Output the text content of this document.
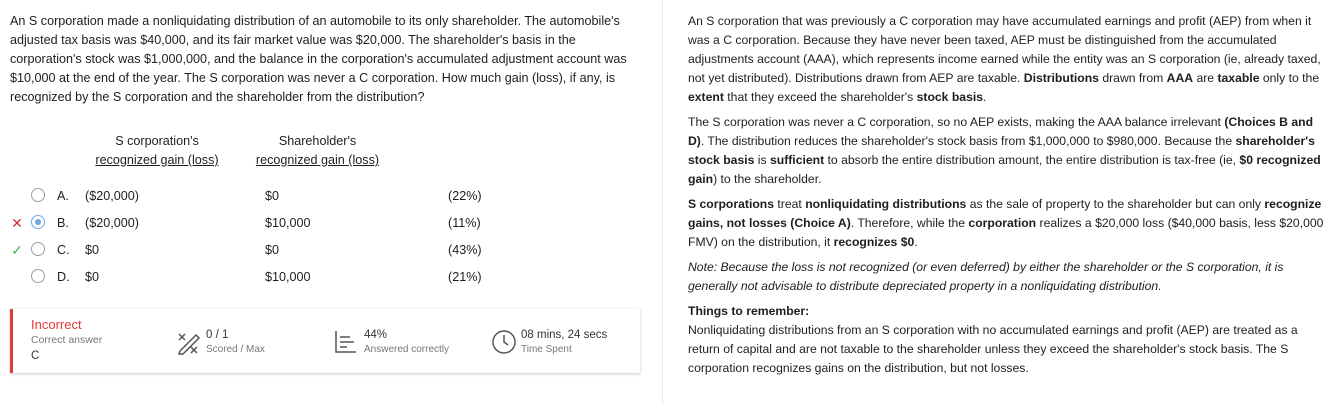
An S corporation made a nonliquidating distribution of an automobile to its only shareholder. The automobile's adjusted tax basis was $40,000, and its fair market value was $20,000. The shareholder's basis in the corporation's stock was $1,000,000, and the balance in the corporation's accumulated adjustment account was $10,000 at the end of the year. The S corporation was never a C corporation. How much gain (loss), if any, is recognized by the S corporation and the shareholder from the distribution?
S corporation's
recognized gain (loss)
Shareholder's
recognized gain (loss)
A. ($20,000)	$0	(22%)
✕	B. ($20,000)	$10,000	(11%)
✓	C. $0	$0	(43%)
D. $0	$10,000	(21%)
Incorrect
Correct answer
C
0 / 1
Scored / Max
44%
Answered correctly
08 mins, 24 secs
Time Spent

An S corporation that was previously a C corporation may have accumulated earnings and profit (AEP) from when it was a C corporation. Because they have never been taxed, AEP must be distinguished from the accumulated adjustments account (AAA), which represents income earned while the entity was an S corporation (ie, already taxed, not yet distributed). Distributions drawn from AEP are taxable. Distributions drawn from AAA are taxable only to the extent that they exceed the shareholder's stock basis.

The S corporation was never a C corporation, so no AEP exists, making the AAA balance irrelevant (Choices B and D). The distribution reduces the shareholder's stock basis from $1,000,000 to $980,000. Because the shareholder's stock basis is sufficient to absorb the entire distribution amount, the entire distribution is tax-free (ie, $0 recognized gain) to the shareholder.

S corporations treat nonliquidating distributions as the sale of property to the shareholder but can only recognize gains, not losses (Choice A). Therefore, while the corporation realizes a $20,000 loss ($40,000 basis, less $20,000 FMV) on the distribution, it recognizes $0.

Note: Because the loss is not recognized (or even deferred) by either the shareholder or the S corporation, it is generally not advisable to distribute depreciated property in a nonliquidating distribution.

Things to remember:

Nonliquidating distributions from an S corporation with no accumulated earnings and profit (AEP) are treated as a return of capital and are not taxable to the shareholder unless they exceed the shareholder's stock basis. The S corporation recognizes gains on the distribution, but not losses.
